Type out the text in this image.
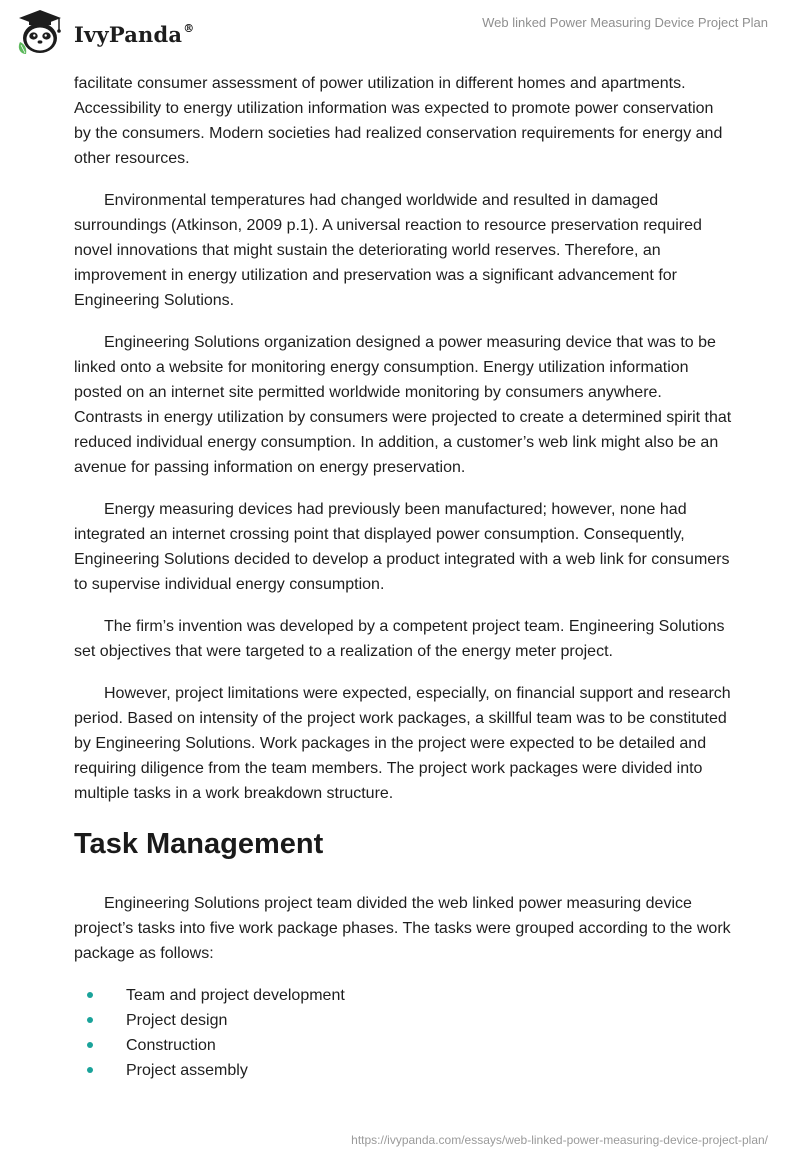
IvyPanda®	Web linked Power Measuring Device Project Plan

facilitate consumer assessment of power utilization in different homes and apartments. Accessibility to energy utilization information was expected to promote power conservation by the consumers. Modern societies had realized conservation requirements for energy and other resources.

Environmental temperatures had changed worldwide and resulted in damaged surroundings (Atkinson, 2009 p.1). A universal reaction to resource preservation required novel innovations that might sustain the deteriorating world reserves. Therefore, an improvement in energy utilization and preservation was a significant advancement for Engineering Solutions.

Engineering Solutions organization designed a power measuring device that was to be linked onto a website for monitoring energy consumption. Energy utilization information posted on an internet site permitted worldwide monitoring by consumers anywhere. Contrasts in energy utilization by consumers were projected to create a determined spirit that reduced individual energy consumption. In addition, a customer’s web link might also be an avenue for passing information on energy preservation.

Energy measuring devices had previously been manufactured; however, none had integrated an internet crossing point that displayed power consumption. Consequently, Engineering Solutions decided to develop a product integrated with a web link for consumers to supervise individual energy consumption.

The firm’s invention was developed by a competent project team. Engineering Solutions set objectives that were targeted to a realization of the energy meter project.

However, project limitations were expected, especially, on financial support and research period. Based on intensity of the project work packages, a skillful team was to be constituted by Engineering Solutions. Work packages in the project were expected to be detailed and requiring diligence from the team members. The project work packages were divided into multiple tasks in a work breakdown structure.

Task Management

Engineering Solutions project team divided the web linked power measuring device project’s tasks into five work package phases. The tasks were grouped according to the work package as follows:

Team and project development
Project design
Construction
Project assembly
https://ivypanda.com/essays/web-linked-power-measuring-device-project-plan/
